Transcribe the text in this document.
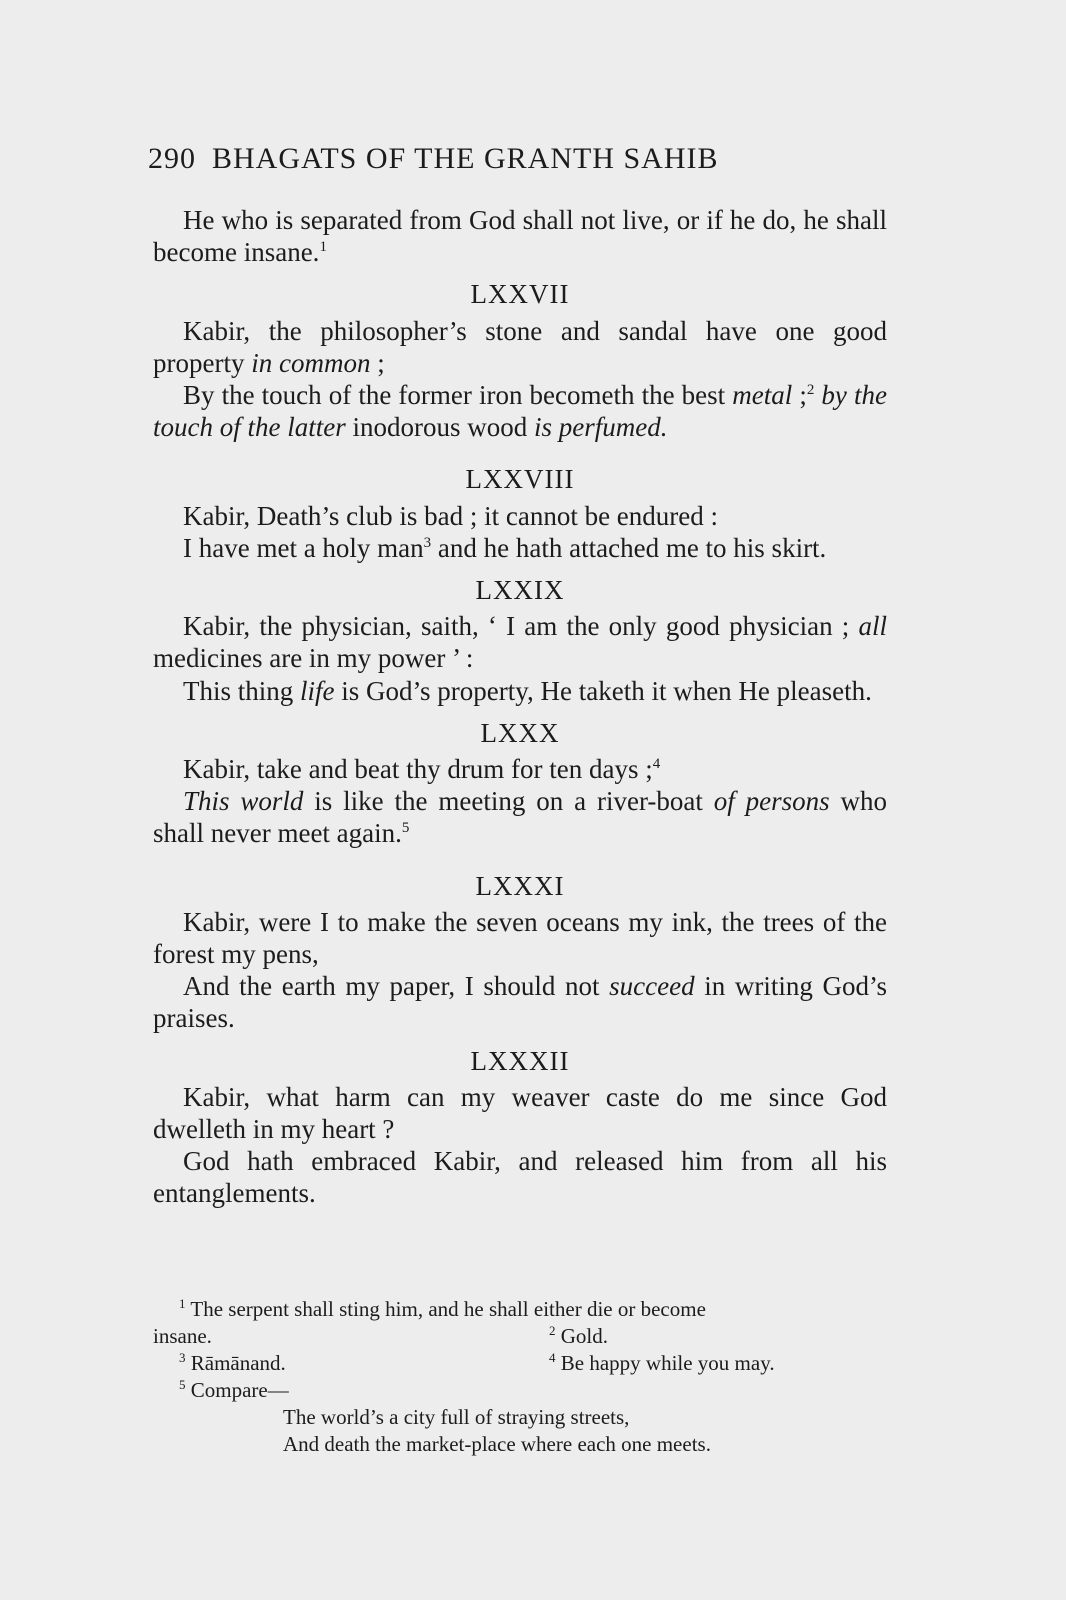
290 BHAGATS OF THE GRANTH SAHIB

He who is separated from God shall not live, or if he do, he shall become insane.$^1$

LXXVII

Kabir, the philosopher’s stone and sandal have one good property in common ;

By the touch of the former iron becometh the best metal ;$^2$ by the touch of the latter inodorous wood is perfumed.

LXXVIII

Kabir, Death’s club is bad ; it cannot be endured :

I have met a holy man$^3$ and he hath attached me to his skirt.

LXXIX

Kabir, the physician, saith, ‘ I am the only good physician ; all medicines are in my power ’ :

This thing life is God’s property, He taketh it when He pleaseth.

LXXX

Kabir, take and beat thy drum for ten days ;$^4$

This world is like the meeting on a river-boat of persons who shall never meet again.$^5$

LXXXI

Kabir, were I to make the seven oceans my ink, the trees of the forest my pens,

And the earth my paper, I should not succeed in writing God’s praises.

LXXXII

Kabir, what harm can my weaver caste do me since God dwelleth in my heart ?

God hath embraced Kabir, and released him from all his entanglements.

$^1$ The serpent shall sting him, and he shall either die or become
insane.	$^2$ Gold.
$^3$ Rāmānand.	$^4$ Be happy while you may.
$^5$ Compare—
The world’s a city full of straying streets,
And death the market-place where each one meets.
